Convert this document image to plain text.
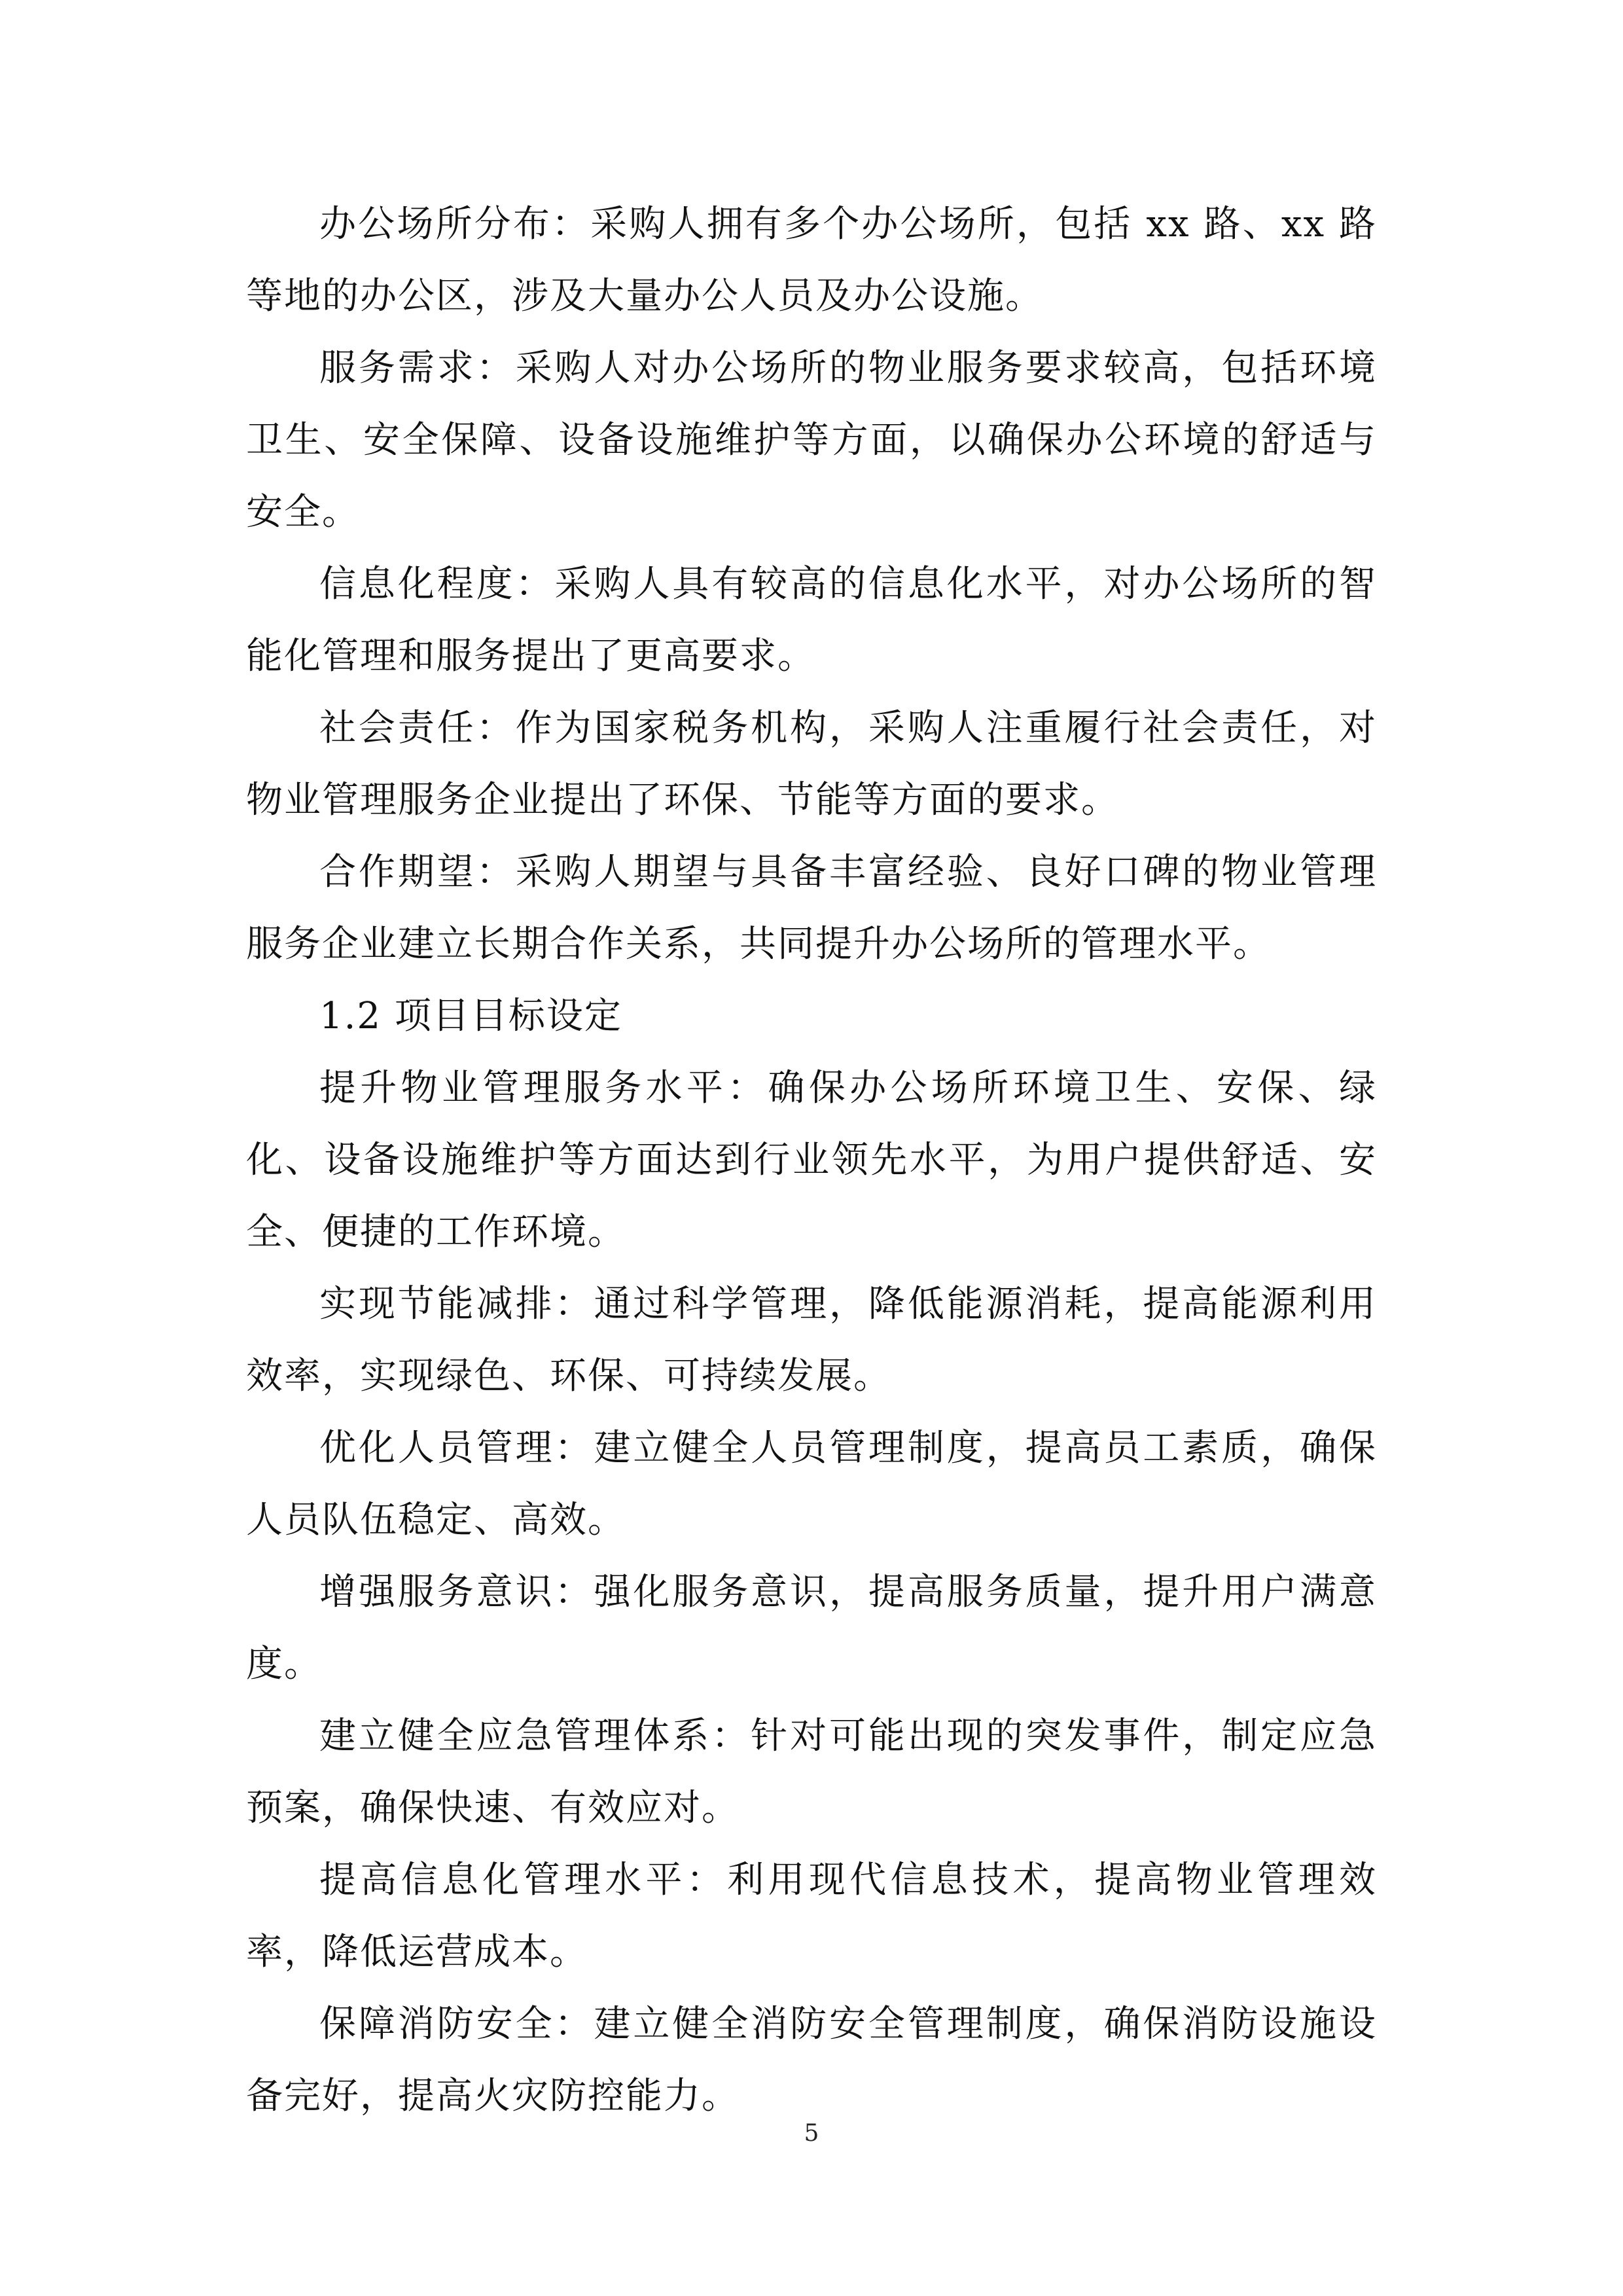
办公场所分布：采购人拥有多个办公场所，包括 xx 路、xx 路等地的办公区，涉及大量办公人员及办公设施。

服务需求：采购人对办公场所的物业服务要求较高，包括环境卫生、安全保障、设备设施维护等方面，以确保办公环境的舒适与安全。

信息化程度：采购人具有较高的信息化水平，对办公场所的智能化管理和服务提出了更高要求。

社会责任：作为国家税务机构，采购人注重履行社会责任，对物业管理服务企业提出了环保、节能等方面的要求。

合作期望：采购人期望与具备丰富经验、良好口碑的物业管理服务企业建立长期合作关系，共同提升办公场所的管理水平。

1.2 项目目标设定

提升物业管理服务水平：确保办公场所环境卫生、安保、绿化、设备设施维护等方面达到行业领先水平，为用户提供舒适、安全、便捷的工作环境。

实现节能减排：通过科学管理，降低能源消耗，提高能源利用效率，实现绿色、环保、可持续发展。

优化人员管理：建立健全人员管理制度，提高员工素质，确保人员队伍稳定、高效。

增强服务意识：强化服务意识，提高服务质量，提升用户满意度。

建立健全应急管理体系：针对可能出现的突发事件，制定应急预案，确保快速、有效应对。

提高信息化管理水平：利用现代信息技术，提高物业管理效率，降低运营成本。

保障消防安全：建立健全消防安全管理制度，确保消防设施设备完好，提高火灾防控能力。

5
